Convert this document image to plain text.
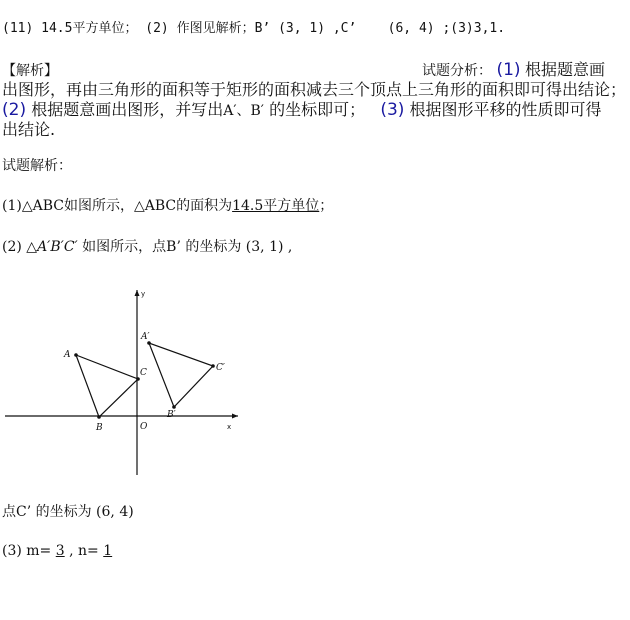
(11) 14.5平方单位； (2) 作图见解析；B’ (3, 1) ,C’ (6, 4) ;(3)3,1.
【解析】	试题分析： (1) 根据题意画
出图形，再由三角形的面积等于矩形的面积减去三个顶点上三角形的面积即可得出结论；
(2) 根据题意画出图形，并写出A′、B′ 的坐标即可； (3) 根据图形平移的性质即可得
出结论.
试题解析：
(1)△ABC如图所示，△ABC的面积为14.5平方单位；
(2) △A′B′C′ 如图所示，点B’ 的坐标为 (3, 1) ,
A
B
C
A′
B′
C′
O	x
y
点C’ 的坐标为 (6, 4)
(3) m= 3 , n= 1
